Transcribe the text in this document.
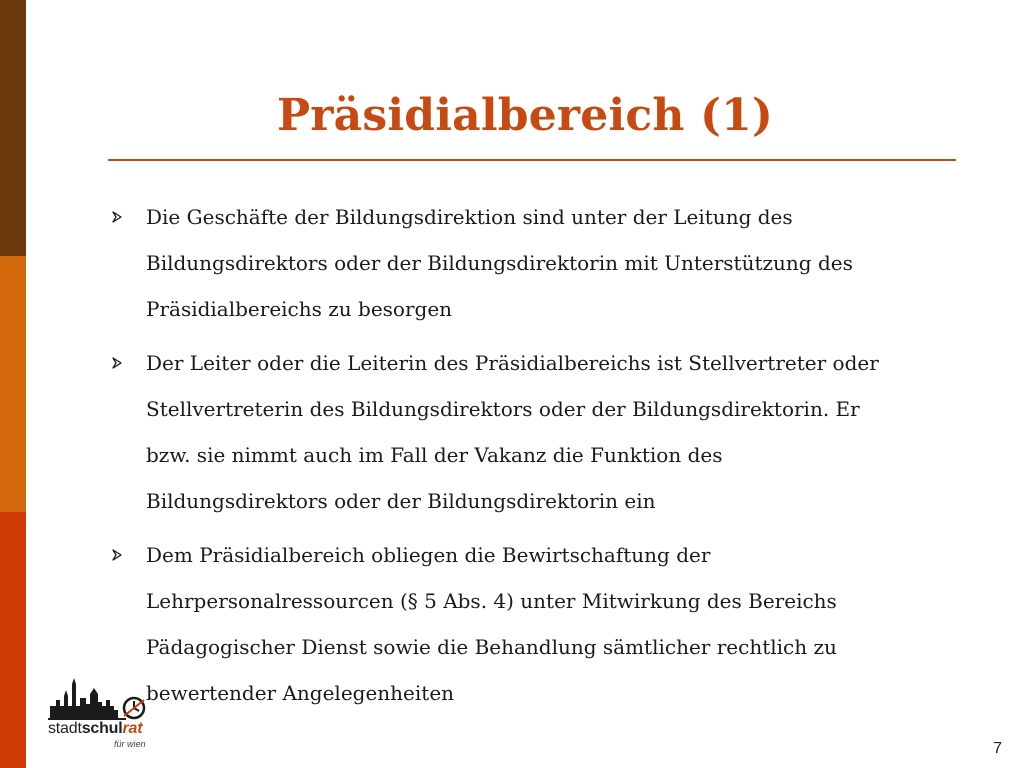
Präsidialbereich (1)
Die Geschäfte der Bildungsdirektion sind unter der Leitung des
Bildungsdirektors oder der Bildungsdirektorin mit Unterstützung des
Präsidialbereichs zu besorgen
Der Leiter oder die Leiterin des Präsidialbereichs ist Stellvertreter oder
Stellvertreterin des Bildungsdirektors oder der Bildungsdirektorin. Er
bzw. sie nimmt auch im Fall der Vakanz die Funktion des
Bildungsdirektors oder der Bildungsdirektorin ein
Dem Präsidialbereich obliegen die Bewirtschaftung der
Lehrpersonalressourcen (§ 5 Abs. 4) unter Mitwirkung des Bereichs
Pädagogischer Dienst sowie die Behandlung sämtlicher rechtlich zu
bewertender Angelegenheiten
stadtschulrat
für wien	7
